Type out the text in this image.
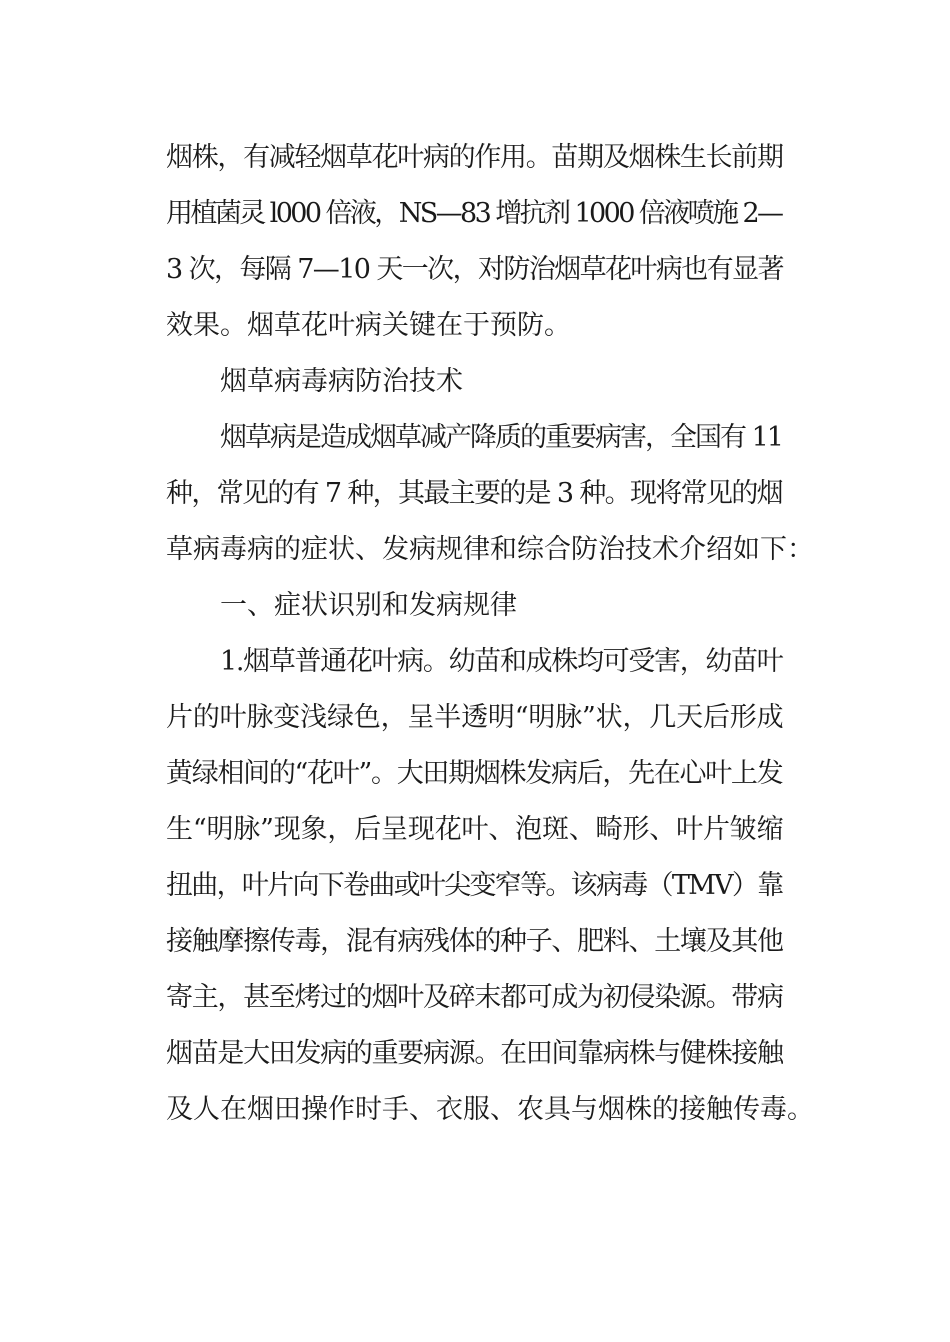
烟株，有减轻烟草花叶病的作用。苗期及烟株生长前期
用植菌灵 l000 倍液，NS—83 增抗剂 1000 倍液喷施 2—
3 次，每隔 7—10 天一次，对防治烟草花叶病也有显著
效果。烟草花叶病关键在于预防。
烟草病毒病防治技术
烟草病是造成烟草减产降质的重要病害，全国有 11
种，常见的有 7 种，其最主要的是 3 种。现将常见的烟
草病毒病的症状、发病规律和综合防治技术介绍如下：
一、症状识别和发病规律
1.烟草普通花叶病。幼苗和成株均可受害，幼苗叶
片的叶脉变浅绿色，呈半透明“明脉”状，几天后形成
黄绿相间的“花叶”。大田期烟株发病后，先在心叶上发
生“明脉”现象，后呈现花叶、泡斑、畸形、叶片皱缩
扭曲，叶片向下卷曲或叶尖变窄等。该病毒（TMV）靠
接触摩擦传毒，混有病残体的种子、肥料、土壤及其他
寄主，甚至烤过的烟叶及碎末都可成为初侵染源。带病
烟苗是大田发病的重要病源。在田间靠病株与健株接触
及人在烟田操作时手、衣服、农具与烟株的接触传毒。
